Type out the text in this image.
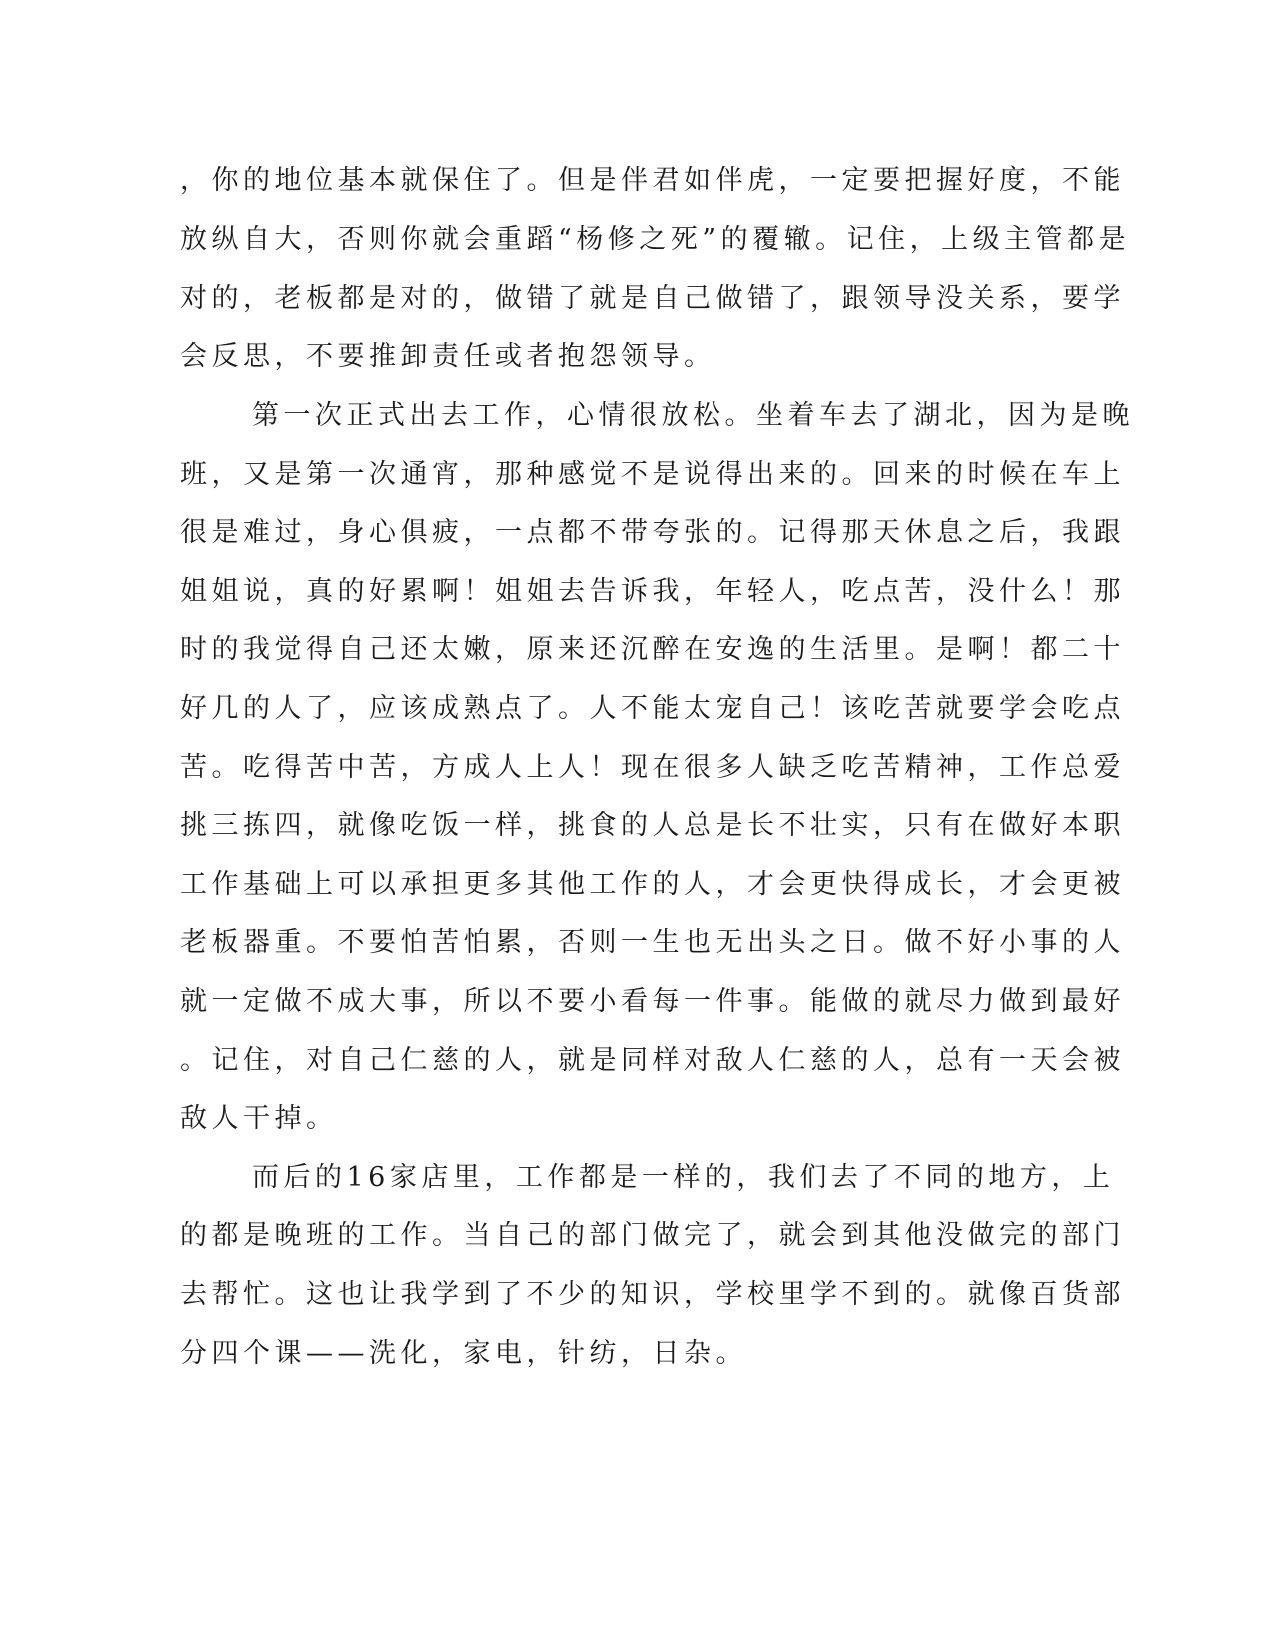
，你的地位基本就保住了。但是伴君如伴虎，一定要把握好度，不能
放纵自大，否则你就会重蹈“杨修之死”的覆辙。记住，上级主管都是
对的，老板都是对的，做错了就是自己做错了，跟领导没关系，要学
会反思，不要推卸责任或者抱怨领导。
第一次正式出去工作，心情很放松。坐着车去了湖北，因为是晚
班，又是第一次通宵，那种感觉不是说得出来的。回来的时候在车上
很是难过，身心俱疲，一点都不带夸张的。记得那天休息之后，我跟
姐姐说，真的好累啊！姐姐去告诉我，年轻人，吃点苦，没什么！那
时的我觉得自己还太嫩，原来还沉醉在安逸的生活里。是啊！都二十
好几的人了，应该成熟点了。人不能太宠自己！该吃苦就要学会吃点
苦。吃得苦中苦，方成人上人！现在很多人缺乏吃苦精神，工作总爱
挑三拣四，就像吃饭一样，挑食的人总是长不壮实，只有在做好本职
工作基础上可以承担更多其他工作的人，才会更快得成长，才会更被
老板器重。不要怕苦怕累，否则一生也无出头之日。做不好小事的人
就一定做不成大事，所以不要小看每一件事。能做的就尽力做到最好
。记住，对自己仁慈的人，就是同样对敌人仁慈的人，总有一天会被
敌人干掉。
而后的16家店里，工作都是一样的，我们去了不同的地方，上
的都是晚班的工作。当自己的部门做完了，就会到其他没做完的部门
去帮忙。这也让我学到了不少的知识，学校里学不到的。就像百货部
分四个课——洗化，家电，针纺，日杂。
